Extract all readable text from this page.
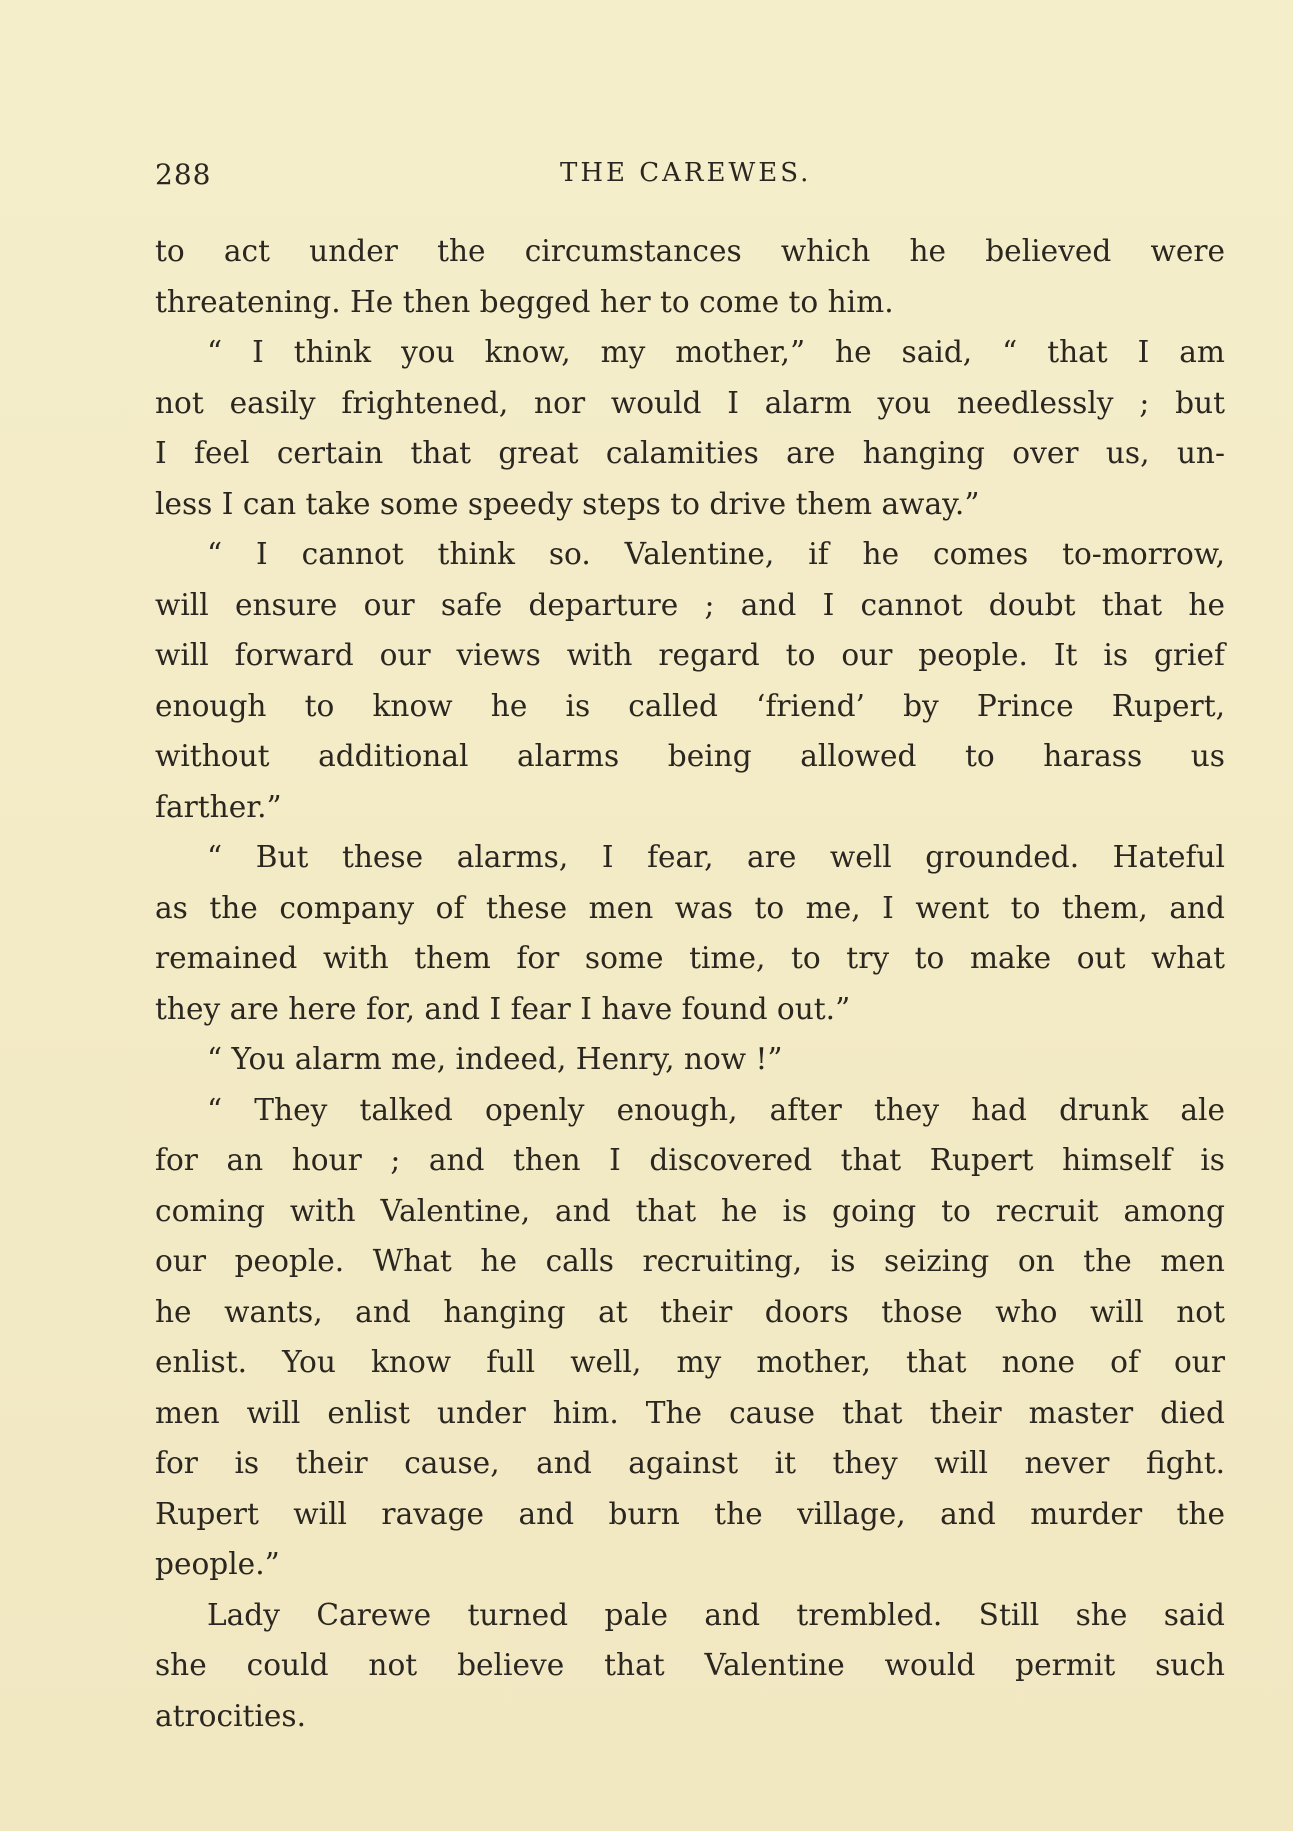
288	THE CAREWES.
to act under the circumstances which he believed were
threatening. He then begged her to come to him.
“ I think you know, my mother,” he said, “ that I am
not easily frightened, nor would I alarm you needlessly ; but
I feel certain that great calamities are hanging over us, un-
less I can take some speedy steps to drive them away.”
“ I cannot think so. Valentine, if he comes to-morrow,
will ensure our safe departure ; and I cannot doubt that he
will forward our views with regard to our people. It is grief
enough to know he is called ‘friend’ by Prince Rupert,
without additional alarms being allowed to harass us
farther.”
“ But these alarms, I fear, are well grounded. Hateful
as the company of these men was to me, I went to them, and
remained with them for some time, to try to make out what
they are here for, and I fear I have found out.”
“ You alarm me, indeed, Henry, now !”
“ They talked openly enough, after they had drunk ale
for an hour ; and then I discovered that Rupert himself is
coming with Valentine, and that he is going to recruit among
our people. What he calls recruiting, is seizing on the men
he wants, and hanging at their doors those who will not
enlist. You know full well, my mother, that none of our
men will enlist under him. The cause that their master died
for is their cause, and against it they will never fight.
Rupert will ravage and burn the village, and murder the
people.”
Lady Carewe turned pale and trembled. Still she said
she could not believe that Valentine would permit such
atrocities.
